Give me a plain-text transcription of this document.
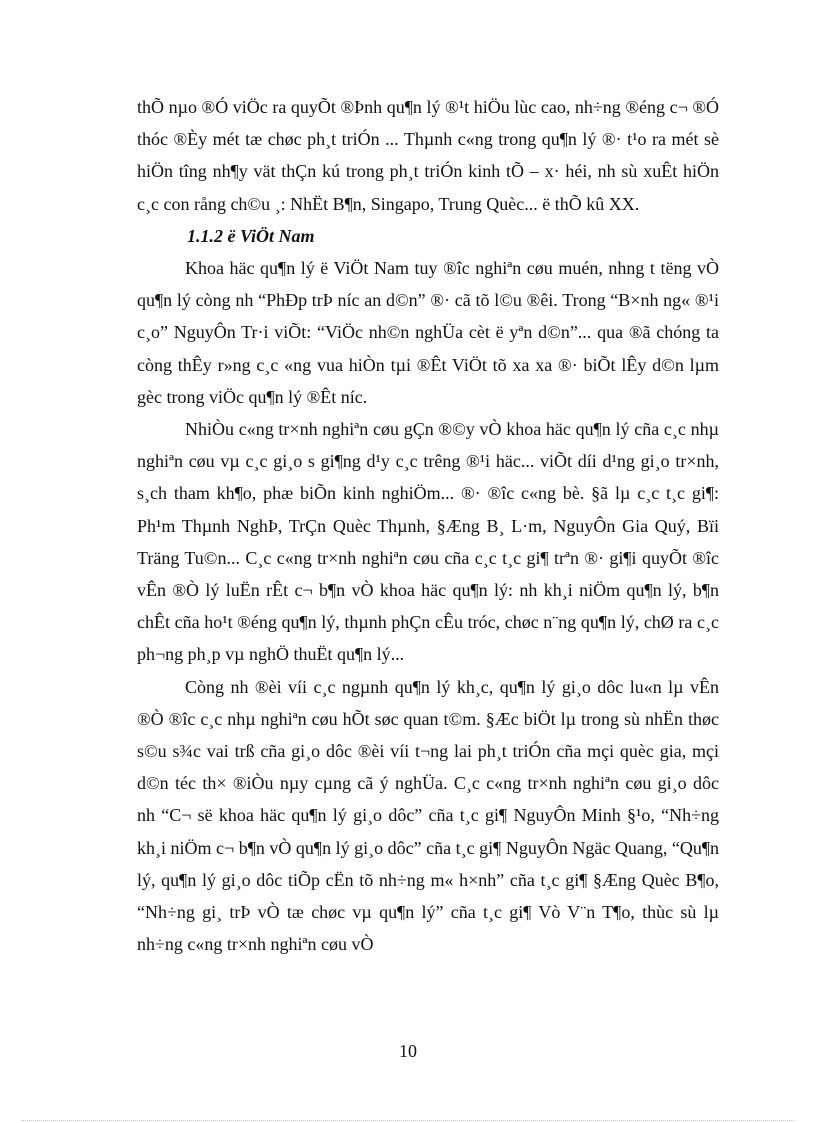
thÕ nµo ®Ó viÖc ra quyÕt ®Þnh qu¶n lý ®¹t hiÖu lùc cao, nh÷ng ®éng c¬ ®Ó thóc ®Èy mét tæ chøc ph¸t triÓn ... Thµnh c«ng trong qu¶n lý ®· t¹o ra mét sè hiÖn tîng nh¶y vät thÇn kú trong ph¸t triÓn kinh tÕ – x· héi, nh sù xuÊt hiÖn c¸c con rång ch©u ¸: NhËt B¶n, Singapo, Trung Quèc... ë thÕ kû XX.

1.1.2 ë ViÖt Nam

Khoa häc qu¶n lý ë ViÖt Nam tuy ®îc nghiªn cøu muén, nhng t tëng vÒ qu¶n lý còng nh “PhÐp trÞ níc an d©n” ®· cã tõ l©u ®êi. Trong “B×nh ng« ®¹i c¸o” NguyÔn Tr·i viÕt: “ViÖc nh©n nghÜa cèt ë yªn d©n”... qua ®ã chóng ta còng thÊy r»ng c¸c «ng vua hiÒn tµi ®Êt ViÖt tõ xa xa ®· biÕt lÊy d©n lµm gèc trong viÖc qu¶n lý ®Êt níc.

NhiÒu c«ng tr×nh nghiªn cøu gÇn ®©y vÒ khoa häc qu¶n lý cña c¸c nhµ nghiªn cøu vµ c¸c gi¸o s gi¶ng d¹y c¸c trêng ®¹i häc... viÕt díi d¹ng gi¸o tr×nh, s¸ch tham kh¶o, phæ biÕn kinh nghiÖm... ®· ®îc c«ng bè. §ã lµ c¸c t¸c gi¶: Ph¹m Thµnh NghÞ, TrÇn Quèc Thµnh, §Æng B¸ L·m, NguyÔn Gia Quý, Bïi Träng Tu©n... C¸c c«ng tr×nh nghiªn cøu cña c¸c t¸c gi¶ trªn ®· gi¶i quyÕt ®îc vÊn ®Ò lý luËn rÊt c¬ b¶n vÒ khoa häc qu¶n lý: nh kh¸i niÖm qu¶n lý, b¶n chÊt cña ho¹t ®éng qu¶n lý, thµnh phÇn cÊu tróc, chøc n¨ng qu¶n lý, chØ ra c¸c ph¬ng ph¸p vµ nghÖ thuËt qu¶n lý...

Còng nh ®èi víi c¸c ngµnh qu¶n lý kh¸c, qu¶n lý gi¸o dôc lu«n lµ vÊn ®Ò ®îc c¸c nhµ nghiªn cøu hÕt søc quan t©m. §Æc biÖt lµ trong sù nhËn thøc s©u s¾c vai trß cña gi¸o dôc ®èi víi t¬ng lai ph¸t triÓn cña mçi quèc gia, mçi d©n téc th× ®iÒu nµy cµng cã ý nghÜa. C¸c c«ng tr×nh nghiªn cøu gi¸o dôc nh “C¬ së khoa häc qu¶n lý gi¸o dôc” cña t¸c gi¶ NguyÔn Minh §¹o, “Nh÷ng kh¸i niÖm c¬ b¶n vÒ qu¶n lý gi¸o dôc” cña t¸c gi¶ NguyÔn Ngäc Quang, “Qu¶n lý, qu¶n lý gi¸o dôc tiÕp cËn tõ nh÷ng m« h×nh” cña t¸c gi¶ §Æng Quèc B¶o, “Nh÷ng gi¸ trÞ vÒ tæ chøc vµ qu¶n lý” cña t¸c gi¶ Vò V¨n T¶o, thùc sù lµ nh÷ng c«ng tr×nh nghiªn cøu vÒ

10
